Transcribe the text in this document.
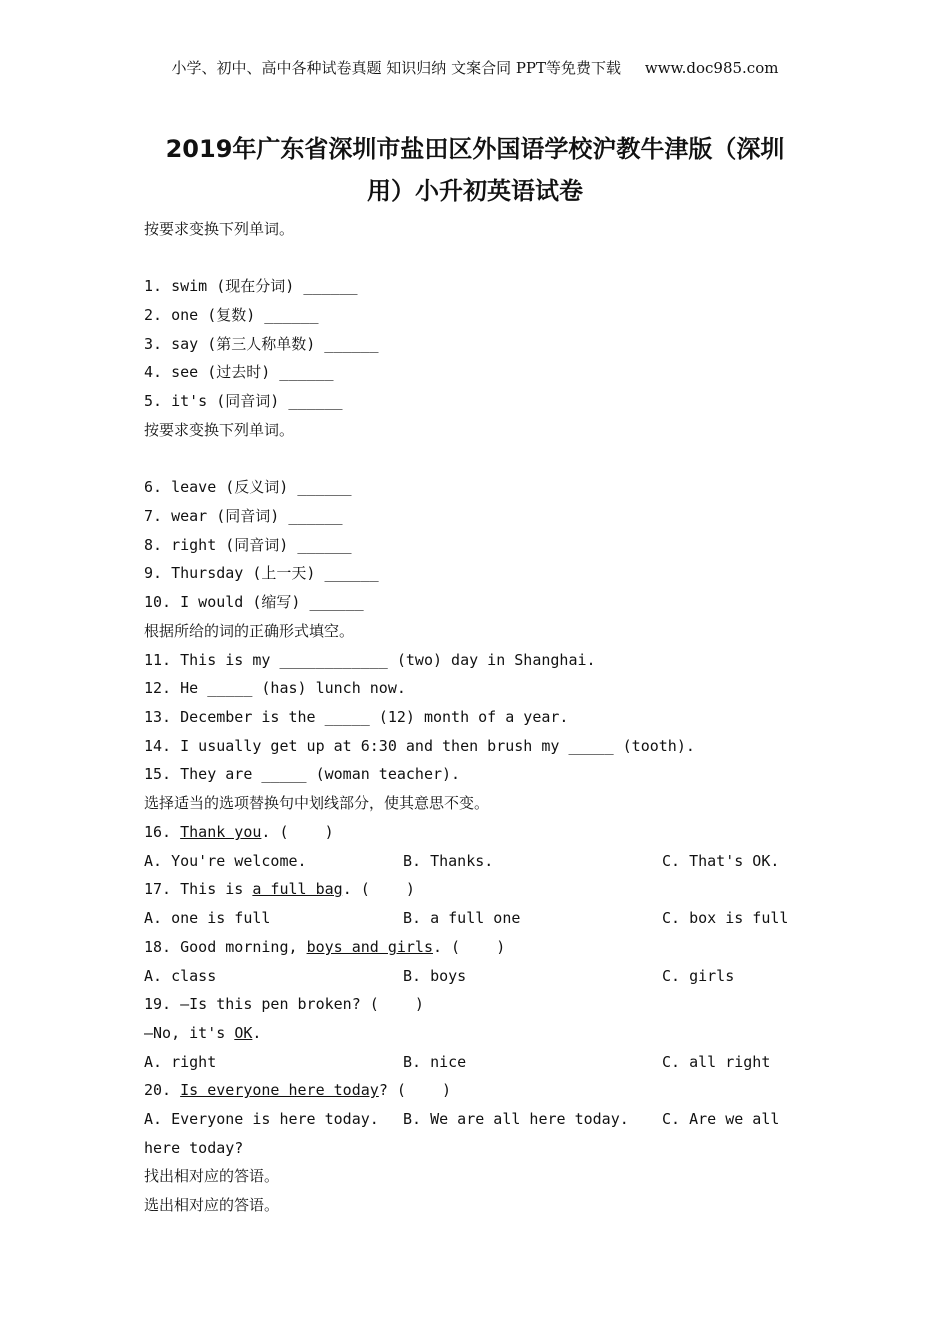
小学、初中、高中各种试卷真题 知识归纳 文案合同 PPT等免费下载     www.doc985.com
2019年广东省深圳市盐田区外国语学校沪教牛津版（深圳
用）小升初英语试卷
按要求变换下列单词。
1. swim (现在分词) ______
2. one (复数) ______
3. say (第三人称单数) ______
4. see (过去时) ______
5. it's (同音词) ______
按要求变换下列单词。
6. leave (反义词) ______
7. wear (同音词) ______
8. right (同音词) ______
9. Thursday (上一天) ______
10. I would (缩写) ______
根据所给的词的正确形式填空。
11. This is my ____________ (two) day in Shanghai.
12. He _____ (has) lunch now.
13. December is the _____ (12) month of a year.
14. I usually get up at 6:30 and then brush my _____ (tooth).
15. They are _____ (woman teacher).
选择适当的选项替换句中划线部分，使其意思不变。
16. Thank you. (    )
A. You're welcome.	B. Thanks.	C. That's OK.
17. This is a full bag. (    )
A. one is full	B. a full one	C. box is full
18. Good morning, boys and girls. (    )
A. class	B. boys	C. girls
19. —Is this pen broken? (    )
—No, it's OK.
A. right	B. nice	C. all right
20. Is everyone here today? (    )
A. Everyone is here today. B. We are all here today. C. Are we all
here today?
找出相对应的答语。
选出相对应的答语。
